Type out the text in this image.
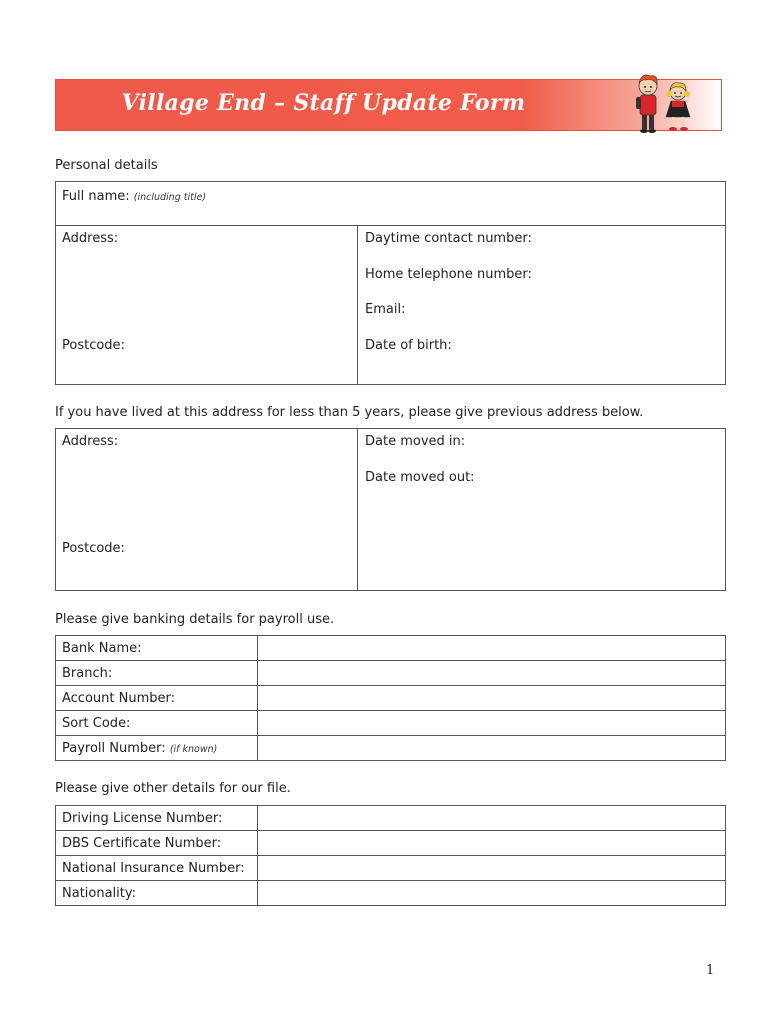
Village End – Staff Update Form
Personal details
Full name: (including title)
Address:
Postcode:
Daytime contact number:
Home telephone number:
Email:
Date of birth:
If you have lived at this address for less than 5 years, please give previous address below.
Address:
Postcode:
Date moved in:
Date moved out:
Please give banking details for payroll use.
Bank Name:	
Branch:	
Account Number:	
Sort Code:	
Payroll Number: (if known)	
Please give other details for our file.
Driving License Number:	
DBS Certificate Number:	
National Insurance Number:	
Nationality:	
1
